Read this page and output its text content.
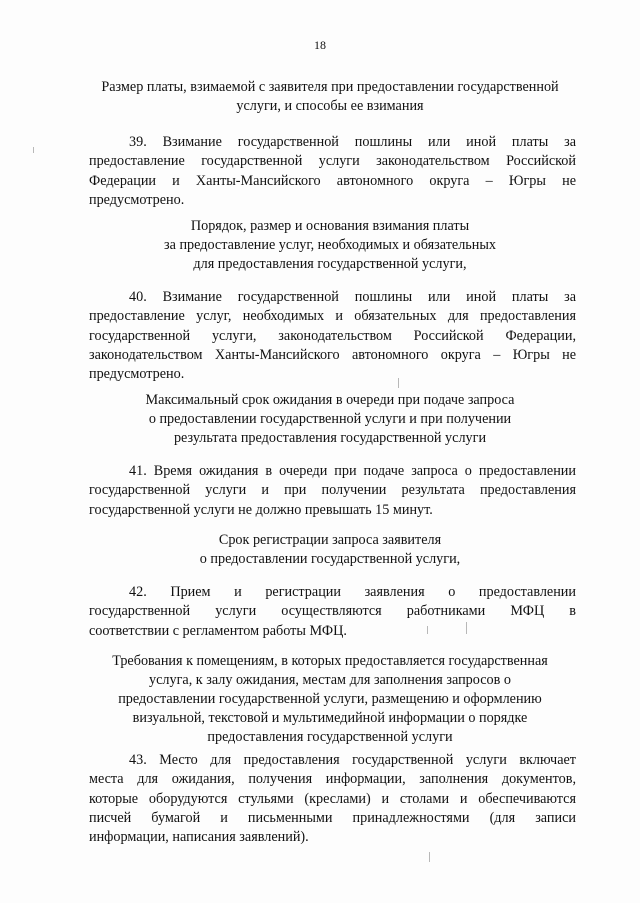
18
Размер платы, взимаемой с заявителя при предоставлении государственной
услуги, и способы ее взимания
39. Взимание государственной пошлины или иной платы за
предоставление государственной услуги законодательством Российской
Федерации и Ханты-Мансийского автономного округа – Югры не
предусмотрено.
Порядок, размер и основания взимания платы
за предоставление услуг, необходимых и обязательных
для предоставления государственной услуги,
40. Взимание государственной пошлины или иной платы за
предоставление услуг, необходимых и обязательных для предоставления
государственной услуги, законодательством Российской Федерации,
законодательством Ханты-Мансийского автономного округа – Югры не
предусмотрено.
Максимальный срок ожидания в очереди при подаче запроса
о предоставлении государственной услуги и при получении
результата предоставления государственной услуги
41. Время ожидания в очереди при подаче запроса о предоставлении
государственной услуги и при получении результата предоставления
государственной услуги не должно превышать 15 минут.
Срок регистрации запроса заявителя
о предоставлении государственной услуги,
42. Прием и регистрации заявления о предоставлении
государственной услуги осуществляются работниками МФЦ в
соответствии с регламентом работы МФЦ.
Требования к помещениям, в которых предоставляется государственная
услуга, к залу ожидания, местам для заполнения запросов о
предоставлении государственной услуги, размещению и оформлению
визуальной, текстовой и мультимедийной информации о порядке
предоставления государственной услуги
43. Место для предоставления государственной услуги включает
места для ожидания, получения информации, заполнения документов,
которые оборудуются стульями (креслами) и столами и обеспечиваются
писчей бумагой и письменными принадлежностями (для записи
информации, написания заявлений).
